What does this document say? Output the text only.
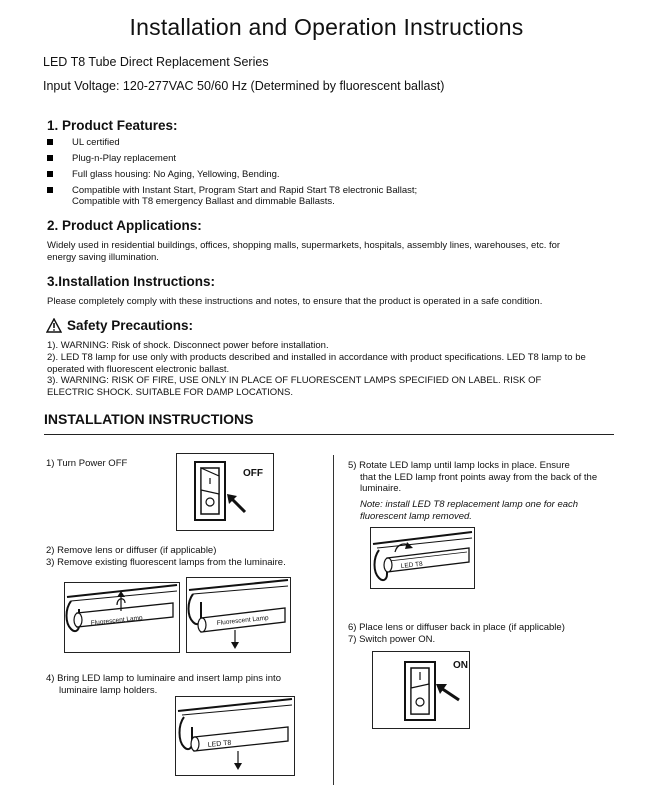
Installation and Operation Instructions
LED T8 Tube Direct Replacement Series
Input Voltage: 120-277VAC 50/60 Hz (Determined by fluorescent ballast)
1. Product Features:
UL certified
Plug-n-Play replacement
Full glass housing: No Aging, Yellowing, Bending.
Compatible with Instant Start, Program Start and Rapid Start T8 electronic Ballast;
Compatible with T8 emergency Ballast and dimmable Ballasts.
2. Product Applications:
Widely used in residential buildings, offices, shopping malls, supermarkets, hospitals, assembly lines, warehouses, etc. for
energy saving illumination.
3.Installation Instructions:
Please completely comply with these instructions and notes, to ensure that the product is operated in a safe condition.
Safety Precautions:
1). WARNING: Risk of shock. Disconnect power before installation.
2). LED T8 lamp for use only with products described and installed in accordance with product specifications. LED T8 lamp to be
operated with fluorescent electronic ballast.
3). WARNING: RISK OF FIRE, USE ONLY IN PLACE OF FLUORESCENT LAMPS SPECIFIED ON LABEL. RISK OF
ELECTRIC SHOCK. SUITABLE FOR DAMP LOCATIONS.
INSTALLATION INSTRUCTIONS
1) Turn Power OFF
OFF
2) Remove lens or diffuser (if applicable)
3) Remove existing fluorescent lamps from the luminaire.
Fluorescent Lamp	Fluorescent Lamp
4) Bring LED lamp to luminaire and insert lamp pins into
luminaire lamp holders.
LED T8
5) Rotate LED lamp until lamp locks in place. Ensure
that the LED lamp front points away from the back of the
luminaire.
Note: install LED T8 replacement lamp one for each
fluorescent lamp removed.
LED T8
6) Place lens or diffuser back in place (if applicable)
7) Switch power ON.
ON
